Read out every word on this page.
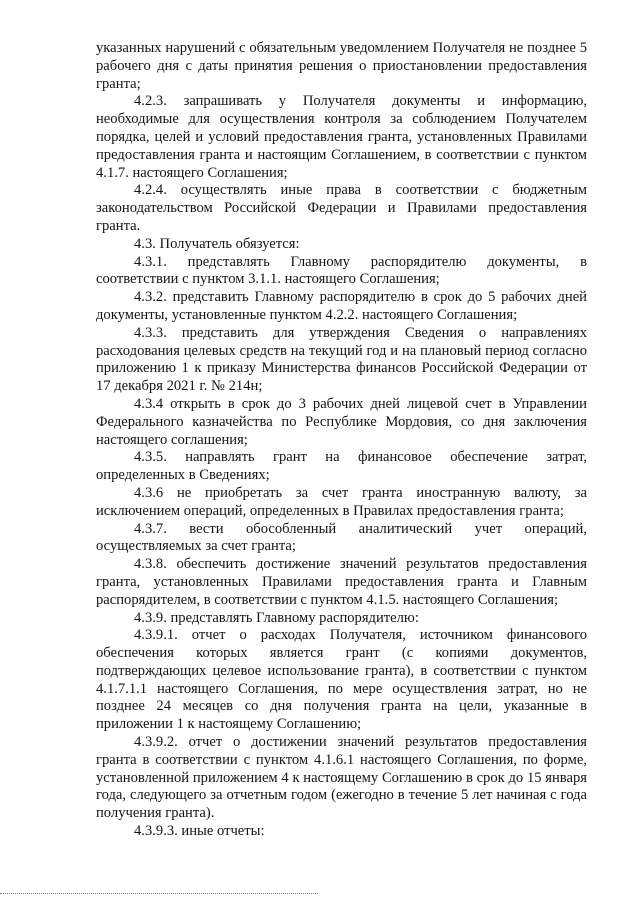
указанных нарушений с обязательным уведомлением Получателя не позднее 5 рабочего дня с даты принятия решения о приостановлении предоставления гранта;

4.2.3. запрашивать у Получателя документы и информацию, необходимые для осуществления контроля за соблюдением Получателем порядка, целей и условий предоставления гранта, установленных Правилами предоставления гранта и настоящим Соглашением, в соответствии с пунктом 4.1.7. настоящего Соглашения;

4.2.4. осуществлять иные права в соответствии с бюджетным законодательством Российской Федерации и Правилами предоставления гранта.

4.3. Получатель обязуется:

4.3.1. представлять Главному распорядителю документы, в соответствии с пунктом 3.1.1. настоящего Соглашения;

4.3.2. представить Главному распорядителю в срок до 5 рабочих дней документы, установленные пунктом 4.2.2. настоящего Соглашения;

4.3.3. представить для утверждения Сведения о направлениях расходования целевых средств на текущий год и на плановый период согласно приложению 1 к приказу Министерства финансов Российской Федерации от 17 декабря 2021 г. № 214н;

4.3.4 открыть в срок до 3 рабочих дней лицевой счет в Управлении Федерального казначейства по Республике Мордовия, со дня заключения настоящего соглашения;

4.3.5. направлять грант на финансовое обеспечение затрат, определенных в Сведениях;

4.3.6 не приобретать за счет гранта иностранную валюту, за исключением операций, определенных в Правилах предоставления гранта;

4.3.7. вести обособленный аналитический учет операций, осуществляемых за счет гранта;

4.3.8. обеспечить достижение значений результатов предоставления гранта, установленных Правилами предоставления гранта и Главным распорядителем, в соответствии с пунктом 4.1.5. настоящего Соглашения;

4.3.9. представлять Главному распорядителю:

4.3.9.1. отчет о расходах Получателя, источником финансового обеспечения которых является грант (с копиями документов, подтверждающих целевое использование гранта), в соответствии с пунктом 4.1.7.1.1 настоящего Соглашения, по мере осуществления затрат, но не позднее 24 месяцев со дня получения гранта на цели, указанные в приложении 1 к настоящему Соглашению;

4.3.9.2. отчет о достижении значений результатов предоставления гранта в соответствии с пунктом 4.1.6.1 настоящего Соглашения, по форме, установленной приложением 4 к настоящему Соглашению в срок до 15 января года, следующего за отчетным годом (ежегодно в течение 5 лет начиная с года получения гранта).

4.3.9.3. иные отчеты:
